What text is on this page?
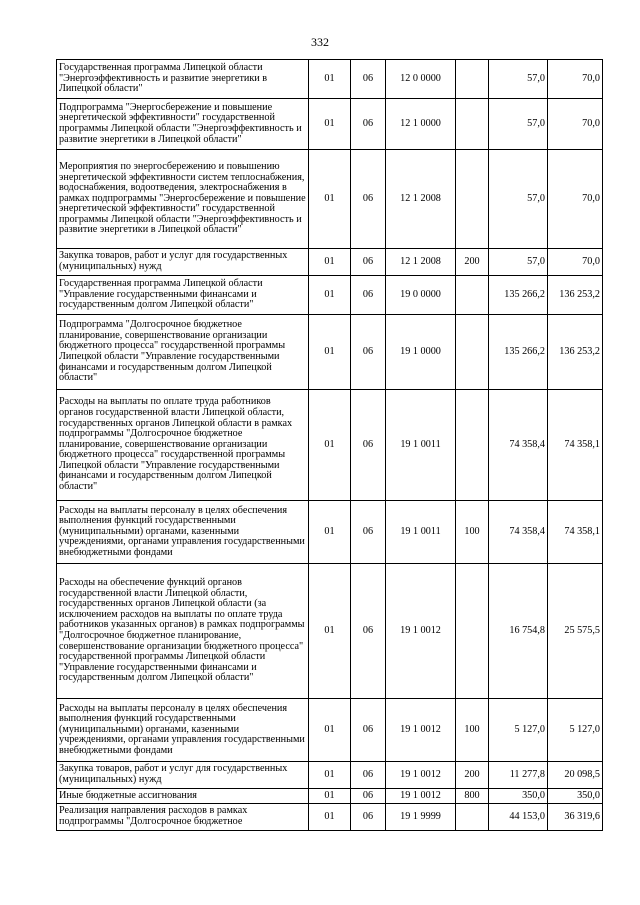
332
Государственная программа Липецкой области "Энергоэффективность и развитие энергетики в Липецкой области"	01	06	12 0 0000		57,0	70,0
Подпрограмма "Энергосбережение и повышение энергетической эффективности" государственной программы Липецкой области "Энергоэффективность и развитие энергетики в Липецкой области"	01	06	12 1 0000		57,0	70,0
Мероприятия по энергосбережению и повышению энергетической эффективности систем теплоснабжения, водоснабжения, водоотведения, электроснабжения в рамках подпрограммы "Энергосбережение и повышение энергетической эффективности" государственной программы Липецкой области "Энергоэффективность и развитие энергетики в Липецкой области"	01	06	12 1 2008		57,0	70,0
Закупка товаров, работ и услуг для государственных (муниципальных) нужд	01	06	12 1 2008	200	57,0	70,0
Государственная программа Липецкой области "Управление государственными финансами и государственным долгом Липецкой области"	01	06	19 0 0000		135 266,2	136 253,2
Подпрограмма "Долгосрочное бюджетное планирование, совершенствование организации бюджетного процесса" государственной программы Липецкой области "Управление государственными финансами и государственным долгом Липецкой области"	01	06	19 1 0000		135 266,2	136 253,2
Расходы на выплаты по оплате труда работников органов государственной власти Липецкой области, государственных органов Липецкой области в рамках подпрограммы "Долгосрочное бюджетное планирование, совершенствование организации бюджетного процесса" государственной программы Липецкой области "Управление государственными финансами и государственным долгом Липецкой области"	01	06	19 1 0011		74 358,4	74 358,1
Расходы на выплаты персоналу в целях обеспечения выполнения функций государственными (муниципальными) органами, казенными учреждениями, органами управления государственными внебюджетными фондами	01	06	19 1 0011	100	74 358,4	74 358,1
Расходы на обеспечение функций органов государственной власти Липецкой области, государственных органов Липецкой области (за исключением расходов на выплаты по оплате труда работников указанных органов) в рамках подпрограммы "Долгосрочное бюджетное планирование, совершенствование организации бюджетного процесса" государственной программы Липецкой области "Управление государственными финансами и государственным долгом Липецкой области"	01	06	19 1 0012		16 754,8	25 575,5
Расходы на выплаты персоналу в целях обеспечения выполнения функций государственными (муниципальными) органами, казенными учреждениями, органами управления государственными внебюджетными фондами	01	06	19 1 0012	100	5 127,0	5 127,0
Закупка товаров, работ и услуг для государственных (муниципальных) нужд	01	06	19 1 0012	200	11 277,8	20 098,5
Иные бюджетные ассигнования	01	06	19 1 0012	800	350,0	350,0
Реализация направления расходов в рамках подпрограммы "Долгосрочное бюджетное	01	06	19 1 9999		44 153,0	36 319,6
